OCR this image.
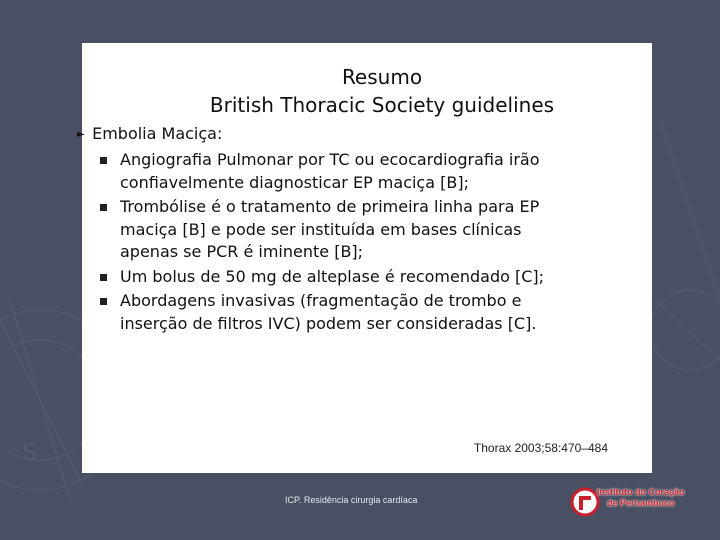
S
Resumo
British Thoracic Society guidelines
► Embolia Maciça:
Angiografia Pulmonar por TC ou ecocardiografia irão confiavelmente diagnosticar EP maciça [B];
Trombólise é o tratamento de primeira linha para EP maciça [B] e pode ser instituída em bases clínicas apenas se PCR é iminente [B];
Um bolus de 50 mg de alteplase é recomendado [C];
Abordagens invasivas (fragmentação de trombo e inserção de filtros IVC) podem ser consideradas [C].
Thorax 2003;58:470–484
ICP. Residência cirurgia cardíaca
Instituto do Coração
de Pernambuco
